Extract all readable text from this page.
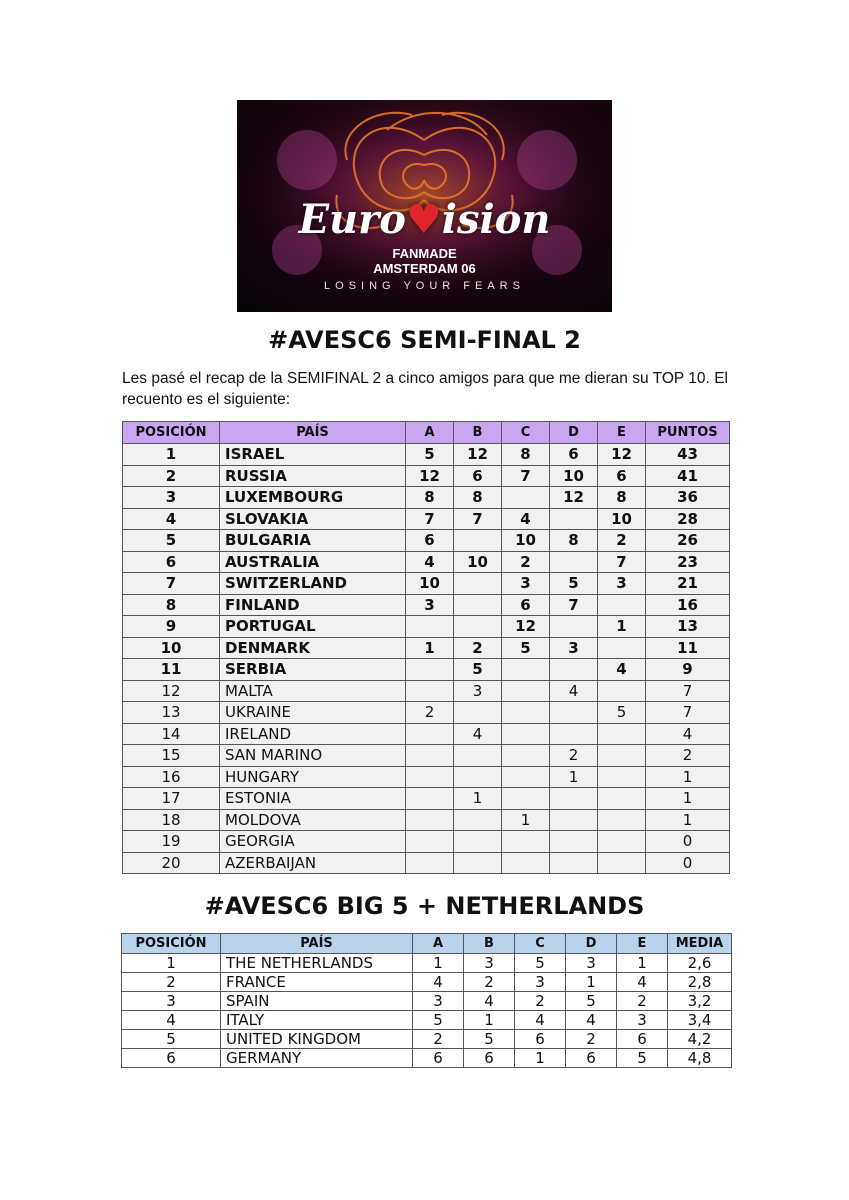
Euro♥ision
FANMADE
AMSTERDAM 06
LOSING YOUR FEARS
#AVESC6 SEMI-FINAL 2
Les pasé el recap de la SEMIFINAL 2 a cinco amigos para que me dieran su TOP 10. El recuento es el siguiente:
POSICIÓN	PAÍS	A	B	C	D	E	PUNTOS
1	ISRAEL	5	12	8	6	12	43
2	RUSSIA	12	6	7	10	6	41
3	LUXEMBOURG	8	8		12	8	36
4	SLOVAKIA	7	7	4		10	28
5	BULGARIA	6		10	8	2	26
6	AUSTRALIA	4	10	2		7	23
7	SWITZERLAND	10		3	5	3	21
8	FINLAND	3		6	7		16
9	PORTUGAL			12		1	13
10	DENMARK	1	2	5	3		11
11	SERBIA		5			4	9
12	MALTA		3		4		7
13	UKRAINE	2				5	7
14	IRELAND		4				4
15	SAN MARINO				2		2
16	HUNGARY				1		1
17	ESTONIA		1				1
18	MOLDOVA			1			1
19	GEORGIA						0
20	AZERBAIJAN						0
#AVESC6 BIG 5 + NETHERLANDS
POSICIÓN	PAÍS	A	B	C	D	E	MEDIA
1	THE NETHERLANDS	1	3	5	3	1	2,6
2	FRANCE	4	2	3	1	4	2,8
3	SPAIN	3	4	2	5	2	3,2
4	ITALY	5	1	4	4	3	3,4
5	UNITED KINGDOM	2	5	6	2	6	4,2
6	GERMANY	6	6	1	6	5	4,8
